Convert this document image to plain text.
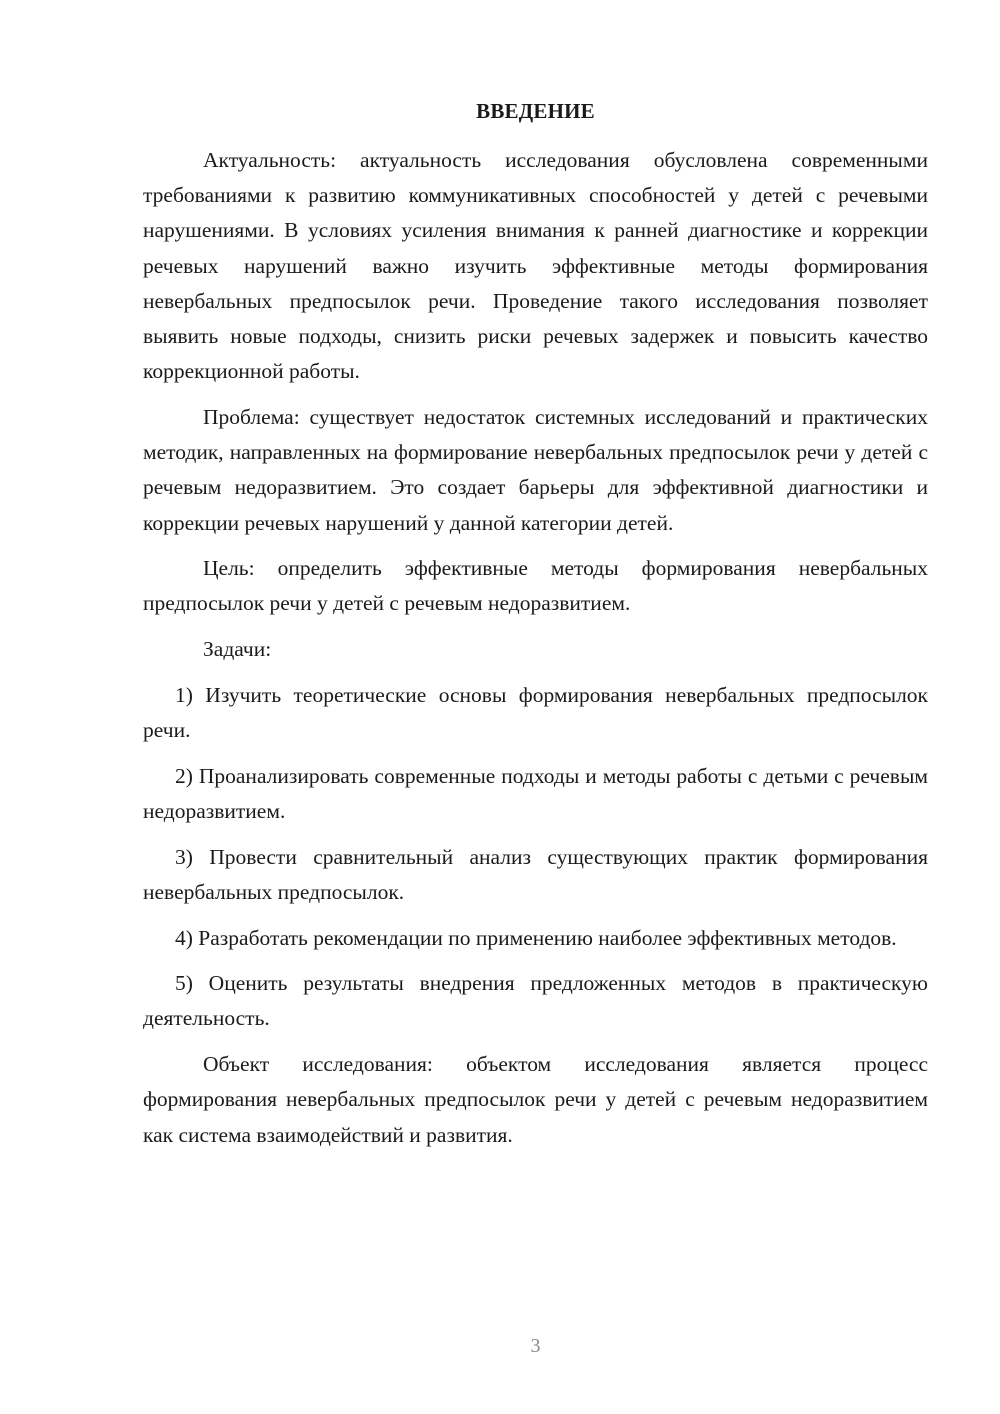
ВВЕДЕНИЕ

Актуальность: актуальность исследования обусловлена современными требованиями к развитию коммуникативных способностей у детей с речевыми нарушениями. В условиях усиления внимания к ранней диагностике и коррекции речевых нарушений важно изучить эффективные методы формирования невербальных предпосылок речи. Проведение такого исследования позволяет выявить новые подходы, снизить риски речевых задержек и повысить качество коррекционной работы.

Проблема: существует недостаток системных исследований и практических методик, направленных на формирование невербальных предпосылок речи у детей с речевым недоразвитием. Это создает барьеры для эффективной диагностики и коррекции речевых нарушений у данной категории детей.

Цель: определить эффективные методы формирования невербальных предпосылок речи у детей с речевым недоразвитием.

Задачи:

1) Изучить теоретические основы формирования невербальных предпосылок речи.

2) Проанализировать современные подходы и методы работы с детьми с речевым недоразвитием.

3) Провести сравнительный анализ существующих практик формирования невербальных предпосылок.

4) Разработать рекомендации по применению наиболее эффективных методов.

5) Оценить результаты внедрения предложенных методов в практическую деятельность.

Объект исследования: объектом исследования является процесс формирования невербальных предпосылок речи у детей с речевым недоразвитием как система взаимодействий и развития.

3
